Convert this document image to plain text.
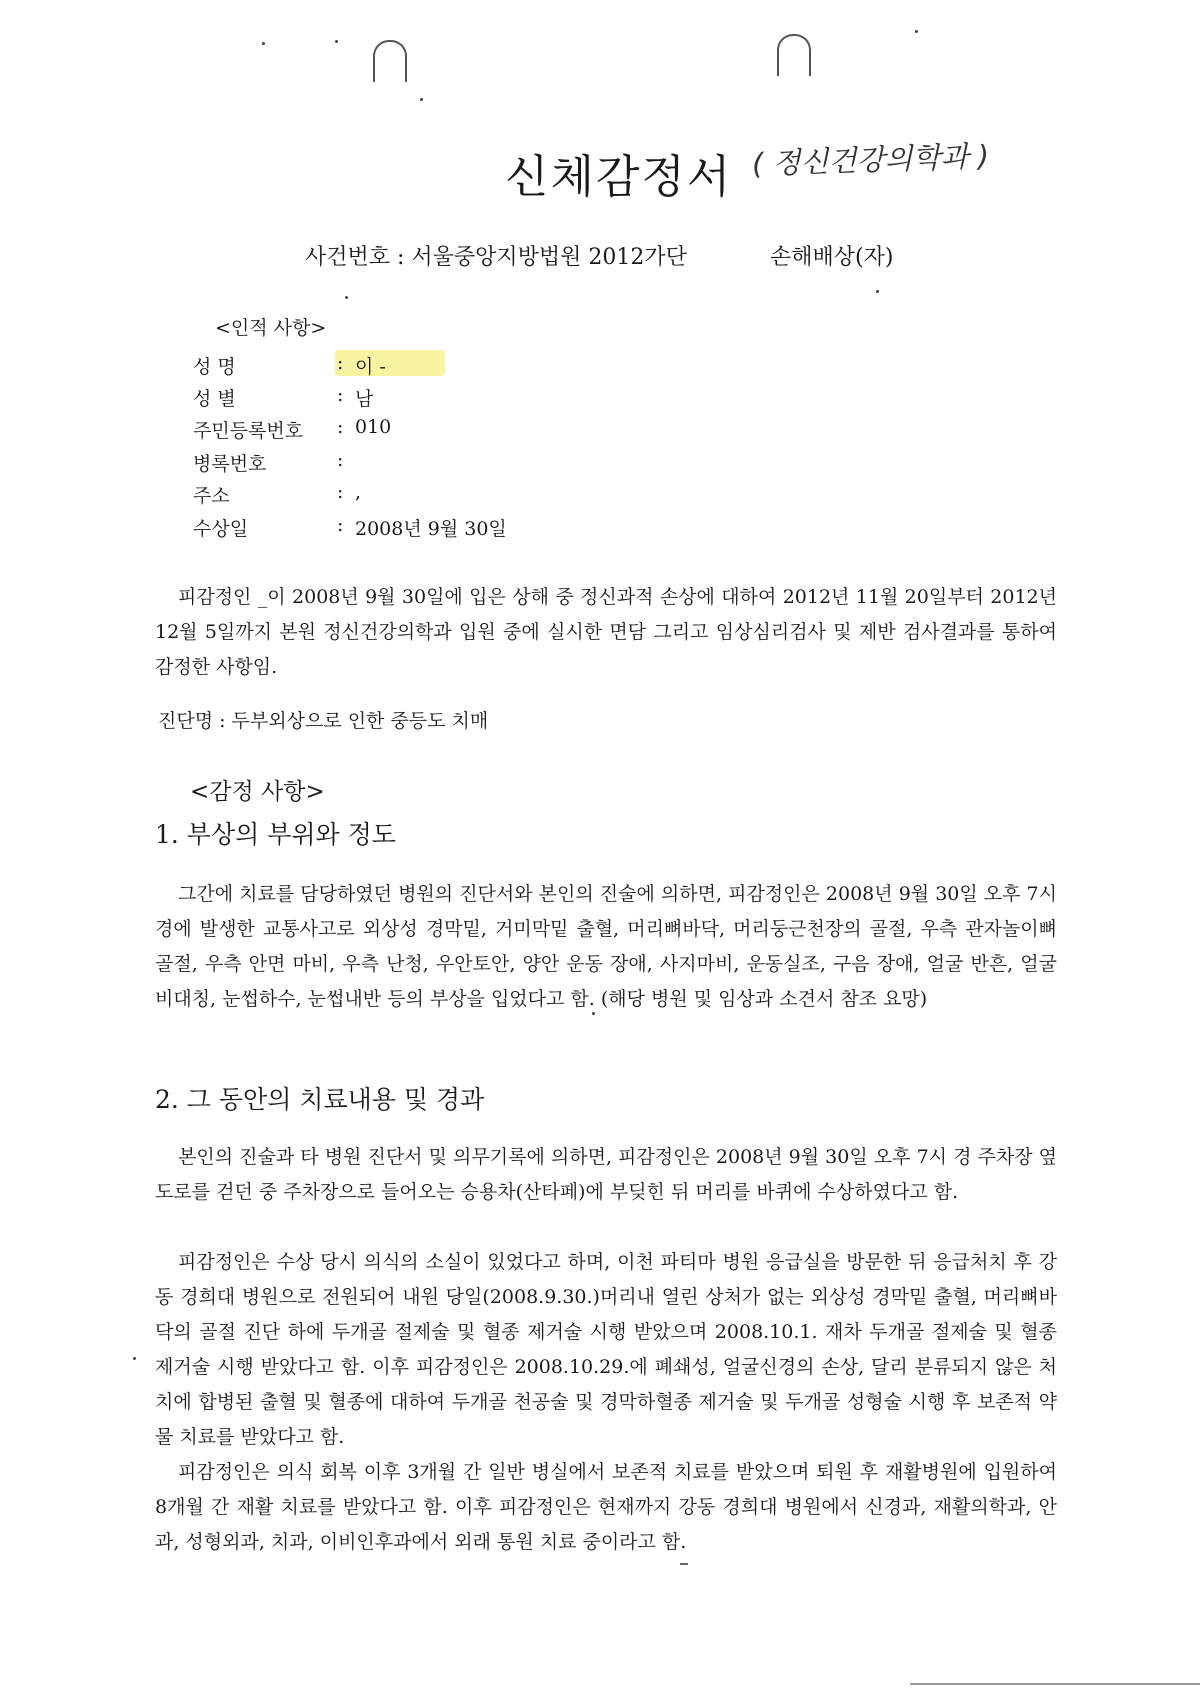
신체감정서 ( 정신건강의학과 )
사건번호 : 서울중앙지방법원 2012가단	손해배상(자)
<인적 사항>
성 명	: 이 -
성 별	: 남
주민등록번호 : 010
병록번호	:
주소	: ,
수상일	: 2008년 9월 30일

피감정인 _이 2008년 9월 30일에 입은 상해 중 정신과적 손상에 대하여 2012년 11월 20일부터 2012년 12월 5일까지 본원 정신건강의학과 입원 중에 실시한 면담 그리고 임상심리검사 및 제반 검사결과를 통하여 감정한 사항임.

진단명 : 두부외상으로 인한 중등도 치매
<감정 사항>
1. 부상의 부위와 정도

그간에 치료를 담당하였던 병원의 진단서와 본인의 진술에 의하면, 피감정인은 2008년 9월 30일 오후 7시 경에 발생한 교통사고로 외상성 경막밑, 거미막밑 출혈, 머리뼈바닥, 머리둥근천장의 골절, 우측 관자놀이뼈 골절, 우측 안면 마비, 우측 난청, 우안토안, 양안 운동 장애, 사지마비, 운동실조, 구음 장애, 얼굴 반흔, 얼굴 비대칭, 눈썹하수, 눈썹내반 등의 부상을 입었다고 함. (해당 병원 및 임상과 소견서 참조 요망)

2. 그 동안의 치료내용 및 경과

본인의 진술과 타 병원 진단서 및 의무기록에 의하면, 피감정인은 2008년 9월 30일 오후 7시 경 주차장 옆 도로를 걷던 중 주차장으로 들어오는 승용차(산타페)에 부딪힌 뒤 머리를 바퀴에 수상하였다고 함.

피감정인은 수상 당시 의식의 소실이 있었다고 하며, 이천 파티마 병원 응급실을 방문한 뒤 응급처치 후 강동 경희대 병원으로 전원되어 내원 당일(2008.9.30.)머리내 열린 상처가 없는 외상성 경막밑 출혈, 머리뼈바닥의 골절 진단 하에 두개골 절제술 및 혈종 제거술 시행 받았으며 2008.10.1. 재차 두개골 절제술 및 혈종 제거술 시행 받았다고 함. 이후 피감정인은 2008.10.29.에 폐쇄성, 얼굴신경의 손상, 달리 분류되지 않은 처치에 합병된 출혈 및 혈종에 대하여 두개골 천공술 및 경막하혈종 제거술 및 두개골 성형술 시행 후 보존적 약물 치료를 받았다고 함.

피감정인은 의식 회복 이후 3개월 간 일반 병실에서 보존적 치료를 받았으며 퇴원 후 재활병원에 입원하여 8개월 간 재활 치료를 받았다고 함. 이후 피감정인은 현재까지 강동 경희대 병원에서 신경과, 재활의학과, 안과, 성형외과, 치과, 이비인후과에서 외래 통원 치료 중이라고 함.
